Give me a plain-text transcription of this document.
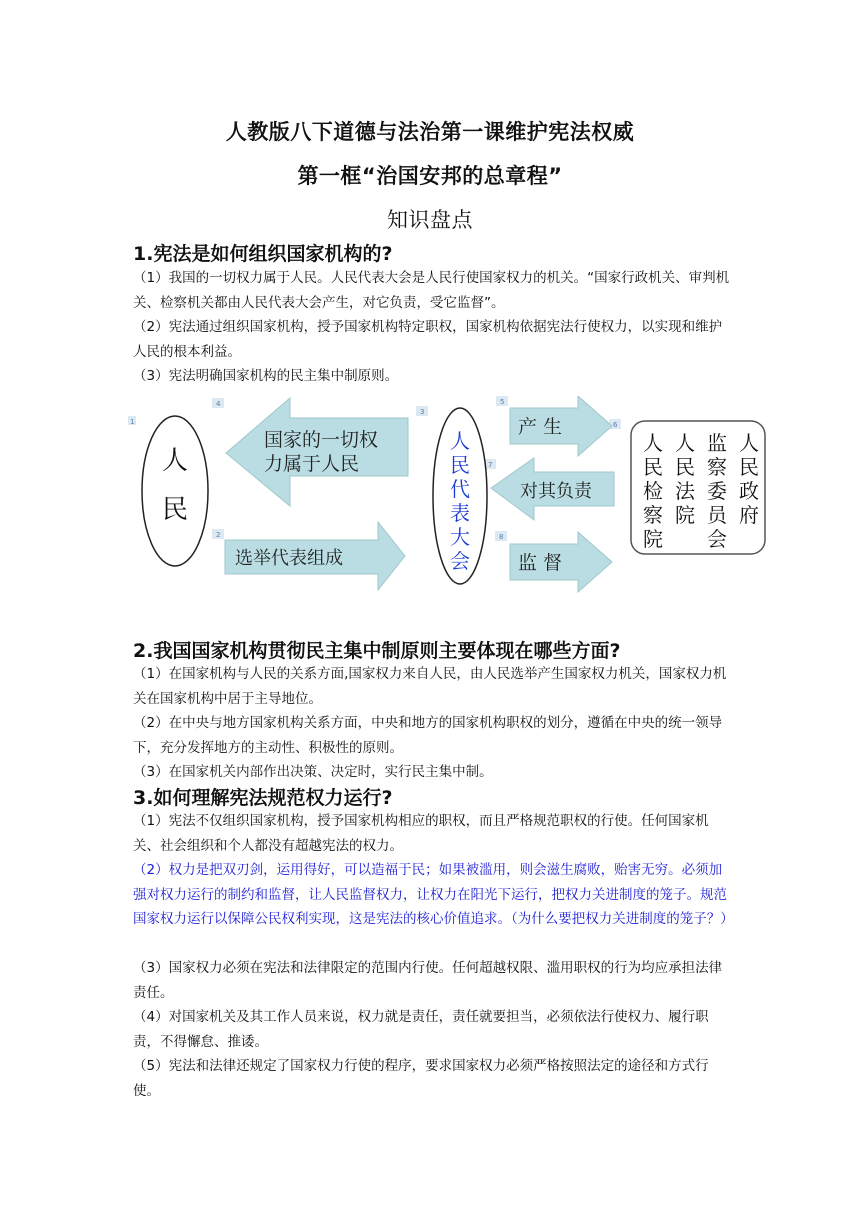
人教版八下道德与法治第一课维护宪法权威
第一框“治国安邦的总章程”
知识盘点
1.宪法是如何组织国家机构的?
（1）我国的一切权力属于人民。人民代表大会是人民行使国家权力的机关。“国家行政机关、审判机关、检察机关都由人民代表大会产生，对它负责，受它监督”。
（2）宪法通过组织国家机构，授予国家机构特定职权，国家机构依据宪法行使权力，以实现和维护人民的根本利益。
（3）宪法明确国家机构的民主集中制原则。
1
4
2
3
5
6
7
8
人
民
国家的一切权
力属于人民
选举代表组成
人
民
代
表
大
会
产 生
对其负责
监 督
人
民
政
府
监
察
委
员
会
人
民
法
院
人
民
检
察
院
2.我国国家机构贯彻民主集中制原则主要体现在哪些方面?
（1）在国家机构与人民的关系方面,国家权力来自人民，由人民选举产生国家权力机关，国家权力机关在国家机构中居于主导地位。
（2）在中央与地方国家机构关系方面，中央和地方的国家机构职权的划分，遵循在中央的统一领导下，充分发挥地方的主动性、积极性的原则。
（3）在国家机关内部作出决策、决定时，实行民主集中制。
3.如何理解宪法规范权力运行?
（1）宪法不仅组织国家机构，授予国家机构相应的职权，而且严格规范职权的行使。任何国家机关、社会组织和个人都没有超越宪法的权力。
（2）权力是把双刃剑，运用得好，可以造福于民；如果被滥用，则会滋生腐败，贻害无穷。必须加强对权力运行的制约和监督，让人民监督权力，让权力在阳光下运行，把权力关进制度的笼子。规范国家权力运行以保障公民权利实现，这是宪法的核心价值追求。（为什么要把权力关进制度的笼子？）
（3）国家权力必须在宪法和法律限定的范围内行使。任何超越权限、滥用职权的行为均应承担法律责任。
（4）对国家机关及其工作人员来说，权力就是责任，责任就要担当，必须依法行使权力、履行职责，不得懈怠、推诿。
（5）宪法和法律还规定了国家权力行使的程序，要求国家权力必须严格按照法定的途径和方式行使。
